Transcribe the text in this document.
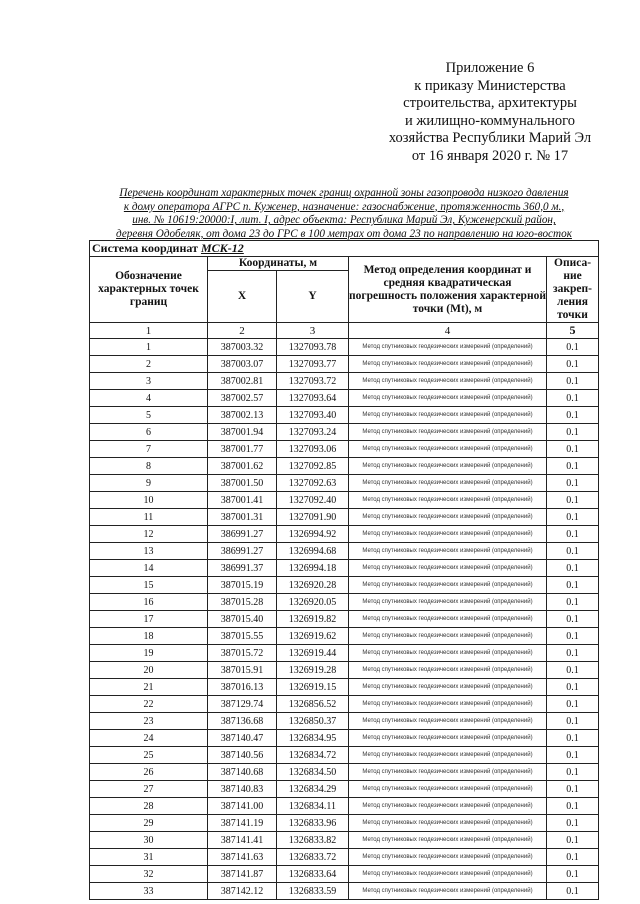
Приложение 6
к приказу Министерства
строительства, архитектуры
и жилищно-коммунального
хозяйства Республики Марий Эл
от 16 января 2020 г. № 17
Перечень координат характерных точек границ охранной зоны газопровода низкого давления
к дому оператора АГРС п. Куженер, назначение: газоснабжение, протяженность 360,0 м.,
инв. № 10619:20000:I, лит. I, адрес объекта: Республика Марий Эл, Куженерский район,
деревня Одобеляк, от дома 23 до ГРС в 100 метрах от дома 23 по направлению на юго-восток
Система координат МСК-12				
Обозначение характерных точек границ	Координаты, м		Метод определения координат и средняя квадратическая погрешность положения характерной точки (Mt), м	Описа-ние закреп-ления точки
	X	Y		
1	2	3	4	5
1	387003.32	1327093.78	Метод спутниковых геодезических измерений (определений)	0.1
2	387003.07	1327093.77	Метод спутниковых геодезических измерений (определений)	0.1
3	387002.81	1327093.72	Метод спутниковых геодезических измерений (определений)	0.1
4	387002.57	1327093.64	Метод спутниковых геодезических измерений (определений)	0.1
5	387002.13	1327093.40	Метод спутниковых геодезических измерений (определений)	0.1
6	387001.94	1327093.24	Метод спутниковых геодезических измерений (определений)	0.1
7	387001.77	1327093.06	Метод спутниковых геодезических измерений (определений)	0.1
8	387001.62	1327092.85	Метод спутниковых геодезических измерений (определений)	0.1
9	387001.50	1327092.63	Метод спутниковых геодезических измерений (определений)	0.1
10	387001.41	1327092.40	Метод спутниковых геодезических измерений (определений)	0.1
11	387001.31	1327091.90	Метод спутниковых геодезических измерений (определений)	0.1
12	386991.27	1326994.92	Метод спутниковых геодезических измерений (определений)	0.1
13	386991.27	1326994.68	Метод спутниковых геодезических измерений (определений)	0.1
14	386991.37	1326994.18	Метод спутниковых геодезических измерений (определений)	0.1
15	387015.19	1326920.28	Метод спутниковых геодезических измерений (определений)	0.1
16	387015.28	1326920.05	Метод спутниковых геодезических измерений (определений)	0.1
17	387015.40	1326919.82	Метод спутниковых геодезических измерений (определений)	0.1
18	387015.55	1326919.62	Метод спутниковых геодезических измерений (определений)	0.1
19	387015.72	1326919.44	Метод спутниковых геодезических измерений (определений)	0.1
20	387015.91	1326919.28	Метод спутниковых геодезических измерений (определений)	0.1
21	387016.13	1326919.15	Метод спутниковых геодезических измерений (определений)	0.1
22	387129.74	1326856.52	Метод спутниковых геодезических измерений (определений)	0.1
23	387136.68	1326850.37	Метод спутниковых геодезических измерений (определений)	0.1
24	387140.47	1326834.95	Метод спутниковых геодезических измерений (определений)	0.1
25	387140.56	1326834.72	Метод спутниковых геодезических измерений (определений)	0.1
26	387140.68	1326834.50	Метод спутниковых геодезических измерений (определений)	0.1
27	387140.83	1326834.29	Метод спутниковых геодезических измерений (определений)	0.1
28	387141.00	1326834.11	Метод спутниковых геодезических измерений (определений)	0.1
29	387141.19	1326833.96	Метод спутниковых геодезических измерений (определений)	0.1
30	387141.41	1326833.82	Метод спутниковых геодезических измерений (определений)	0.1
31	387141.63	1326833.72	Метод спутниковых геодезических измерений (определений)	0.1
32	387141.87	1326833.64	Метод спутниковых геодезических измерений (определений)	0.1
33	387142.12	1326833.59	Метод спутниковых геодезических измерений (определений)	0.1
